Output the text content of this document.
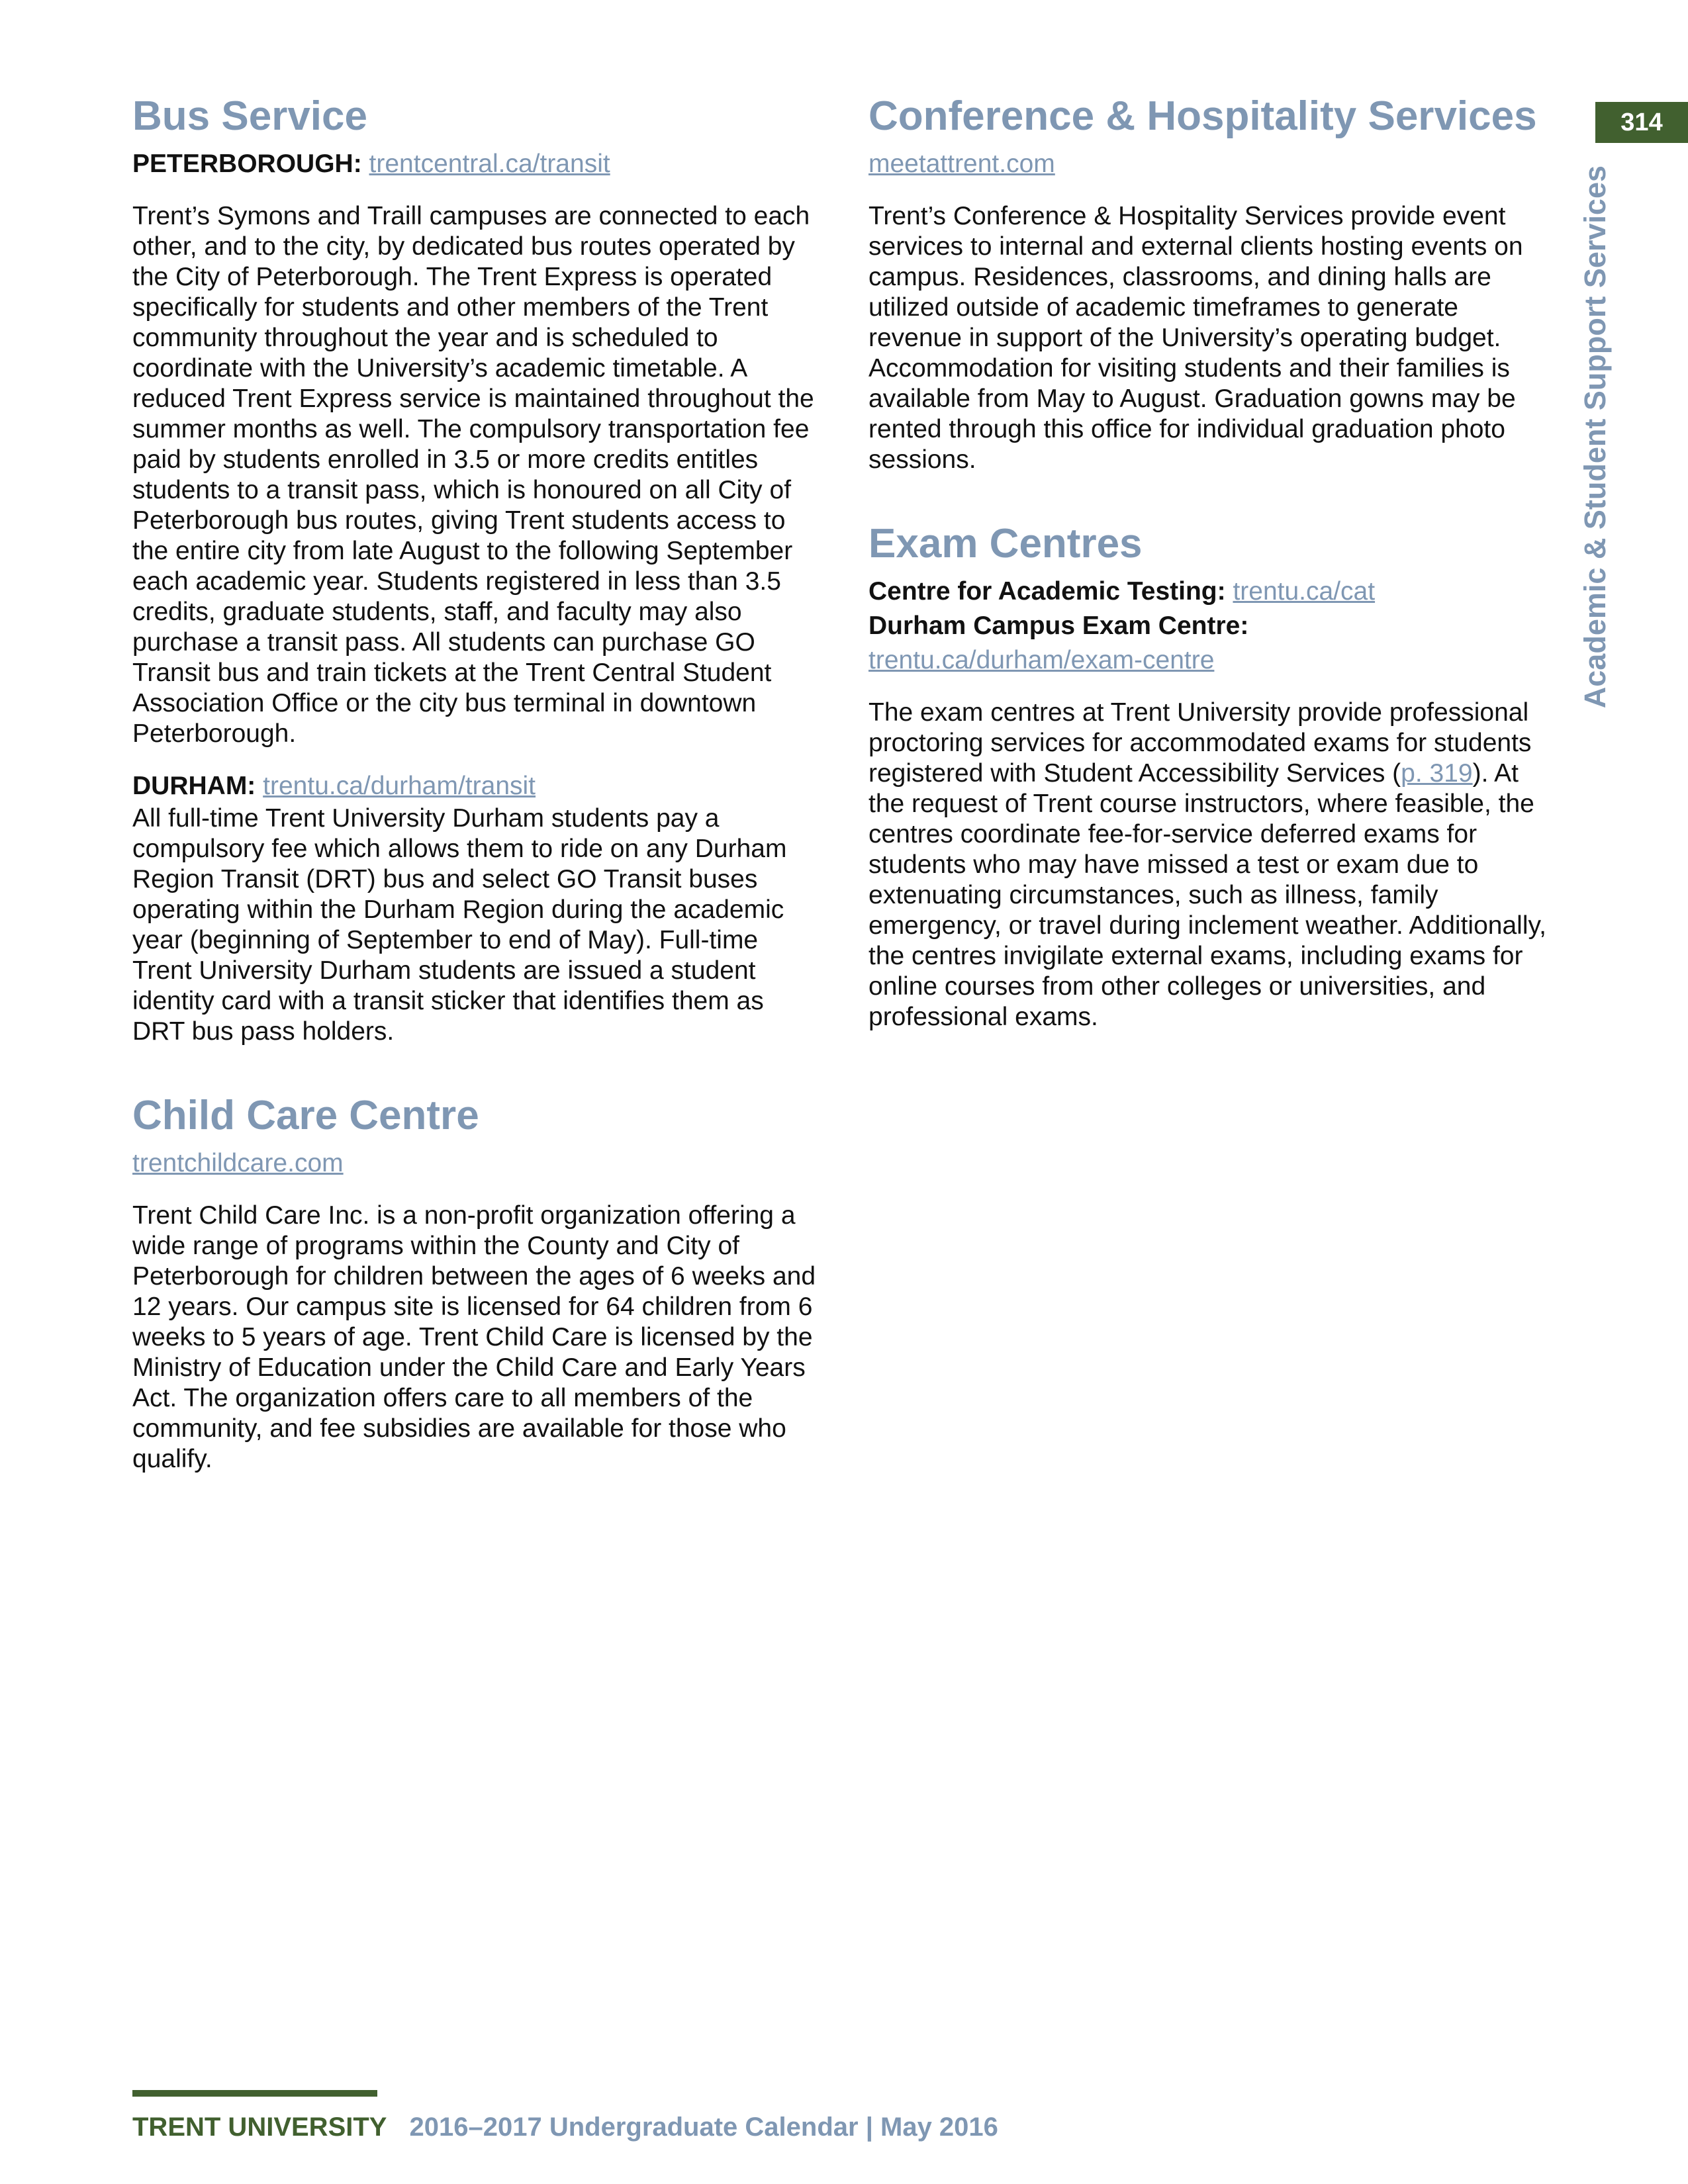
314
Academic & Student Support Services
Bus Service
PETERBOROUGH: trentcentral.ca/transit

Trent’s Symons and Traill campuses are connected to each other, and to the city, by dedicated bus routes operated by the City of Peterborough. The Trent Express is operated specifically for students and other members of the Trent community throughout the year and is scheduled to coordinate with the University’s academic timetable. A reduced Trent Express service is maintained throughout the summer months as well. The compulsory transportation fee paid by students enrolled in 3.5 or more credits entitles students to a transit pass, which is honoured on all City of Peterborough bus routes, giving Trent students access to the entire city from late August to the following September each academic year. Students registered in less than 3.5 credits, graduate students, staff, and faculty may also purchase a transit pass. All students can purchase GO Transit bus and train tickets at the Trent Central Student Association Office or the city bus terminal in downtown Peterborough.

DURHAM: trentu.ca/durham/transit

All full-time Trent University Durham students pay a compulsory fee which allows them to ride on any Durham Region Transit (DRT) bus and select GO Transit buses operating within the Durham Region during the academic year (beginning of September to end of May). Full-time Trent University Durham students are issued a student identity card with a transit sticker that identifies them as DRT bus pass holders.

Child Care Centre
trentchildcare.com

Trent Child Care Inc. is a non-profit organization offering a wide range of programs within the County and City of Peterborough for children between the ages of 6 weeks and 12 years. Our campus site is licensed for 64 children from 6 weeks to 5 years of age. Trent Child Care is licensed by the Ministry of Education under the Child Care and Early Years Act. The organization offers care to all members of the community, and fee subsidies are available for those who qualify.

Conference & Hospitality Services
meetattrent.com

Trent’s Conference & Hospitality Services provide event services to internal and external clients hosting events on campus. Residences, classrooms, and dining halls are utilized outside of academic timeframes to generate revenue in support of the University’s operating budget. Accommodation for visiting students and their families is available from May to August. Graduation gowns may be rented through this office for individual graduation photo sessions.

Exam Centres
Centre for Academic Testing: trentu.ca/cat
Durham Campus Exam Centre:
trentu.ca/durham/exam-centre

The exam centres at Trent University provide professional proctoring services for accommodated exams for students registered with Student Accessibility Services (p. 319). At the request of Trent course instructors, where feasible, the centres coordinate fee-for-service deferred exams for students who may have missed a test or exam due to extenuating circumstances, such as illness, family emergency, or travel during inclement weather. Additionally, the centres invigilate external exams, including exams for online courses from other colleges or universities, and professional exams.

TRENT UNIVERSITY 2016–2017 Undergraduate Calendar | May 2016
